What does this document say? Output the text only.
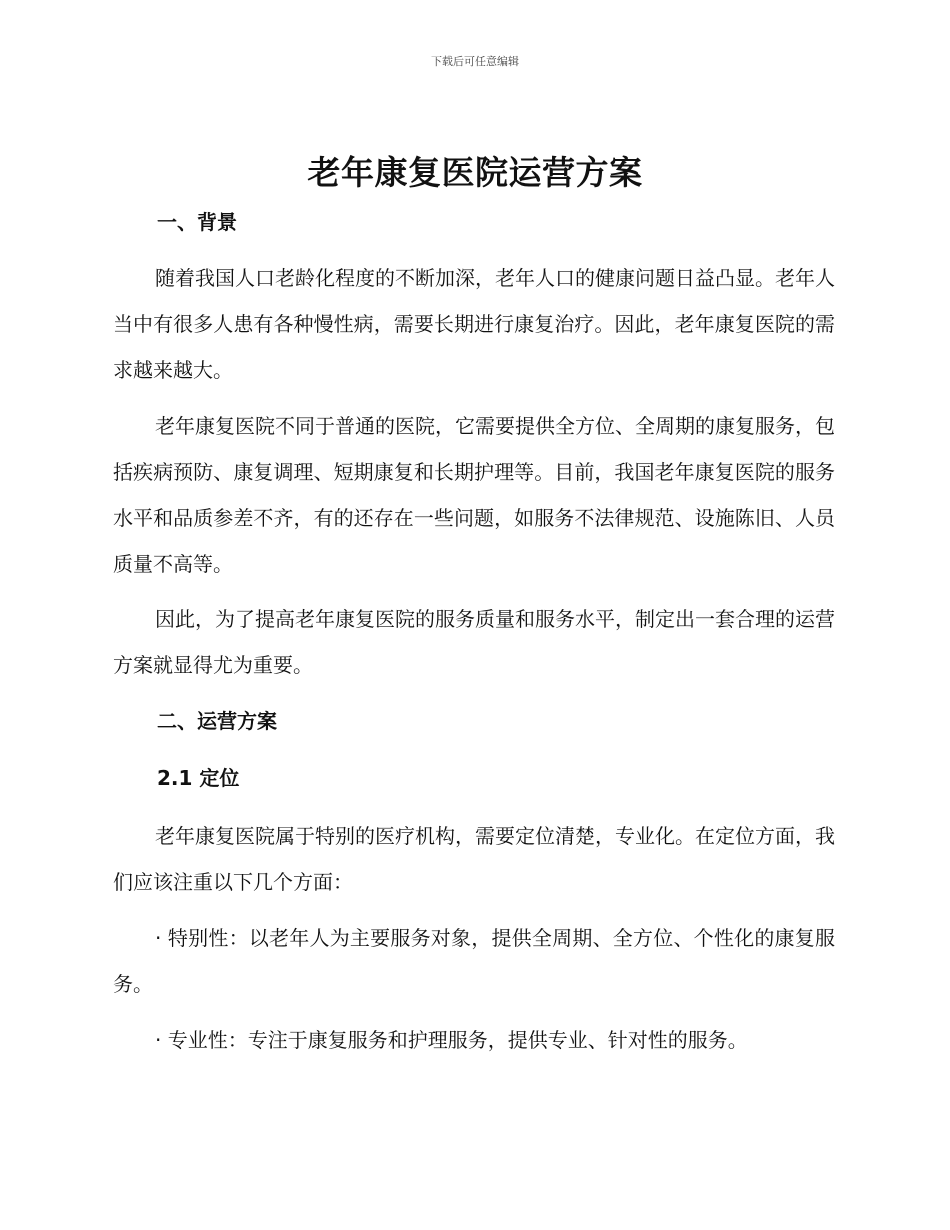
下载后可任意编辑
老年康复医院运营方案
一、背景

随着我国人口老龄化程度的不断加深，老年人口的健康问题日益凸显。老年人当中有很多人患有各种慢性病，需要长期进行康复治疗。因此，老年康复医院的需求越来越大。

老年康复医院不同于普通的医院，它需要提供全方位、全周期的康复服务，包括疾病预防、康复调理、短期康复和长期护理等。目前，我国老年康复医院的服务水平和品质参差不齐，有的还存在一些问题，如服务不法律规范、设施陈旧、人员质量不高等。

因此，为了提高老年康复医院的服务质量和服务水平，制定出一套合理的运营方案就显得尤为重要。

二、运营方案
2.1 定位

老年康复医院属于特别的医疗机构，需要定位清楚，专业化。在定位方面，我们应该注重以下几个方面：

· 特别性：以老年人为主要服务对象，提供全周期、全方位、个性化的康复服务。

· 专业性：专注于康复服务和护理服务，提供专业、针对性的服务。
